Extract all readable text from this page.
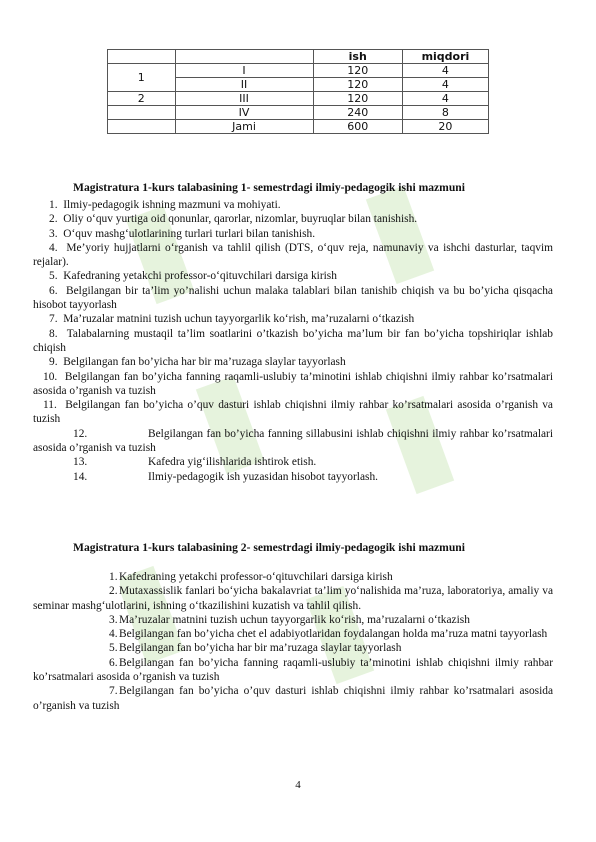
		ish	miqdori
1	I	120	4
	II	120	4
2	III	120	4
	IV	240	8
	Jami	600	20
Magistratura 1-kurs talabasining 1- semestrdagi ilmiy-pedagogik ishi mazmuni
1. Ilmiy-pedagogik ishning mazmuni va mohiyati.
2. Oliy o‘quv yurtiga oid qonunlar, qarorlar, nizomlar, buyruqlar bilan tanishish.
3. O‘quv mashg‘ulotlarining turlari turlari bilan tanishish.
4. Me’yoriy hujjatlarni o‘rganish va tahlil qilish (DTS, o‘quv reja, namunaviy va ishchi dasturlar, taqvim rejalar).
5. Kafedraning yetakchi professor-o‘qituvchilari darsiga kirish
6. Belgilangan bir ta’lim yo’nalishi uchun malaka talablari bilan tanishib chiqish va bu bo’yicha qisqacha hisobot tayyorlash
7. Ma’ruzalar matnini tuzish uchun tayyorgarlik ko‘rish, ma’ruzalarni o‘tkazish
8. Talabalarning mustaqil ta’lim soatlarini o’tkazish bo’yicha ma’lum bir fan bo’yicha topshiriqlar ishlab chiqish
9. Belgilangan fan bo’yicha har bir ma’ruzaga slaylar tayyorlash
10. Belgilangan fan bo’yicha fanning raqamli-uslubiy ta’minotini ishlab chiqishni ilmiy rahbar ko’rsatmalari asosida o’rganish va tuzish
11. Belgilangan fan bo’yicha o’quv dasturi ishlab chiqishni ilmiy rahbar ko’rsatmalari asosida o’rganish va tuzish
12.	Belgilangan fan bo’yicha fanning sillabusini ishlab chiqishni ilmiy rahbar ko’rsatmalari asosida o’rganish va tuzish
13.	Kafedra yig‘ilishlarida ishtirok etish.
14.	Ilmiy-pedagogik ish yuzasidan hisobot tayyorlash.
Magistratura 1-kurs talabasining 2- semestrdagi ilmiy-pedagogik ishi mazmuni
1.Kafedraning yetakchi professor-o‘qituvchilari darsiga kirish
2.Mutaxassislik fanlari bo‘yicha bakalavriat ta’lim yo‘nalishida ma’ruza, laboratoriya, amaliy va seminar mashg‘ulotlarini, ishning o‘tkazilishini kuzatish va tahlil qilish.
3.Ma’ruzalar matnini tuzish uchun tayyorgarlik ko‘rish, ma’ruzalarni o‘tkazish
4.Belgilangan fan bo’yicha chet el adabiyotlaridan foydalangan holda ma’ruza matni tayyorlash
5.Belgilangan fan bo’yicha har bir ma’ruzaga slaylar tayyorlash
6.Belgilangan fan bo’yicha fanning raqamli-uslubiy ta’minotini ishlab chiqishni ilmiy rahbar ko’rsatmalari asosida o’rganish va tuzish
7.Belgilangan fan bo’yicha o’quv dasturi ishlab chiqishni ilmiy rahbar ko’rsatmalari asosida o’rganish va tuzish
4
